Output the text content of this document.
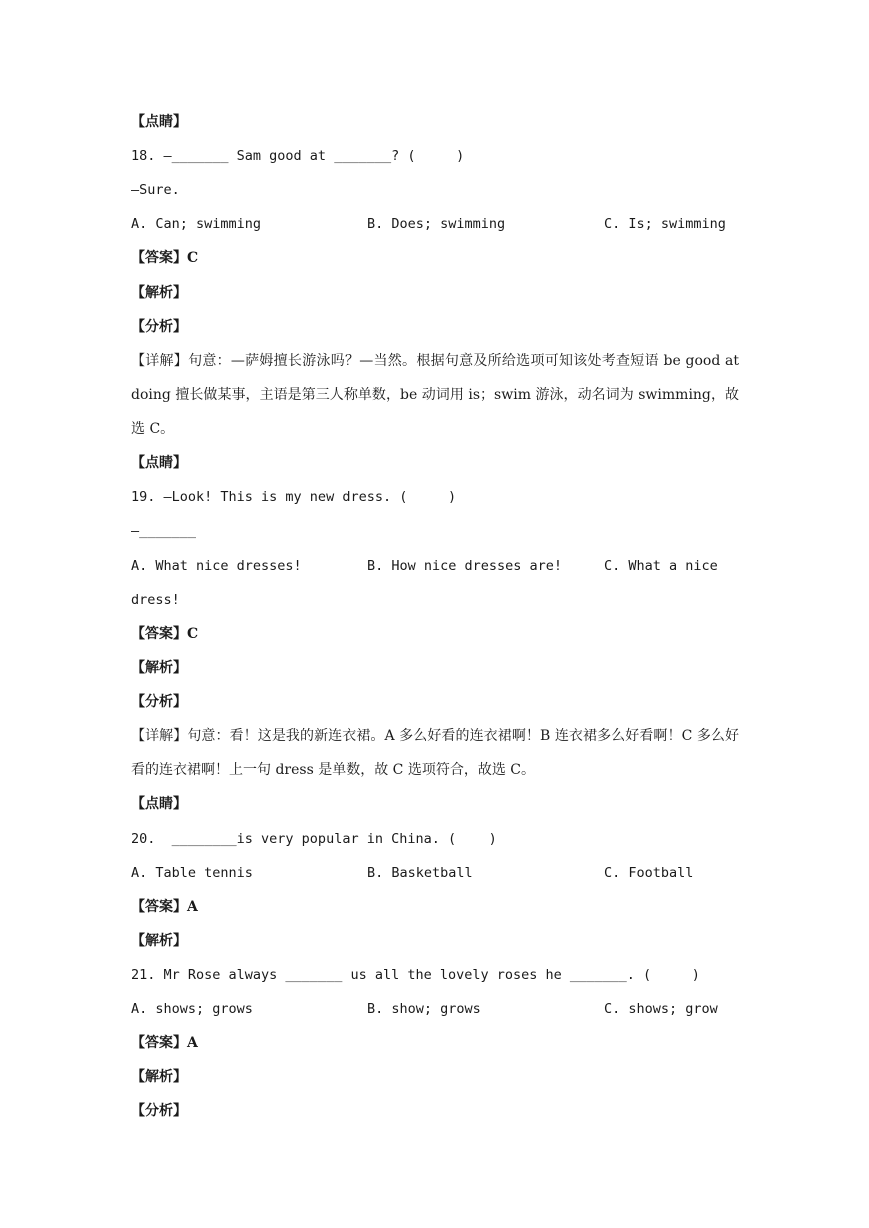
【点睛】
18. —_______ Sam good at _______? (     )
—Sure.
A. Can; swimming	B. Does; swimming	C. Is; swimming
【答案】C
【解析】
【分析】
【详解】句意：—萨姆擅长游泳吗？—当然。根据句意及所给选项可知该处考查短语 be good at doing 擅长做某事，主语是第三人称单数，be 动词用 is；swim 游泳，动名词为 swimming，故选 C。
【点睛】
19. —Look! This is my new dress. (     )
—_______
A. What nice dresses!	B. How nice dresses are!	C. What a nice
dress!
【答案】C
【解析】
【分析】
【详解】句意：看！这是我的新连衣裙。A 多么好看的连衣裙啊！B 连衣裙多么好看啊！C 多么好看的连衣裙啊！上一句 dress 是单数，故 C 选项符合，故选 C。
【点睛】
20.  ________is very popular in China. (    )
A. Table tennis	B. Basketball	C. Football
【答案】A
【解析】
21. Mr Rose always _______ us all the lovely roses he _______. (     )
A. shows; grows	B. show; grows	C. shows; grow
【答案】A
【解析】
【分析】
